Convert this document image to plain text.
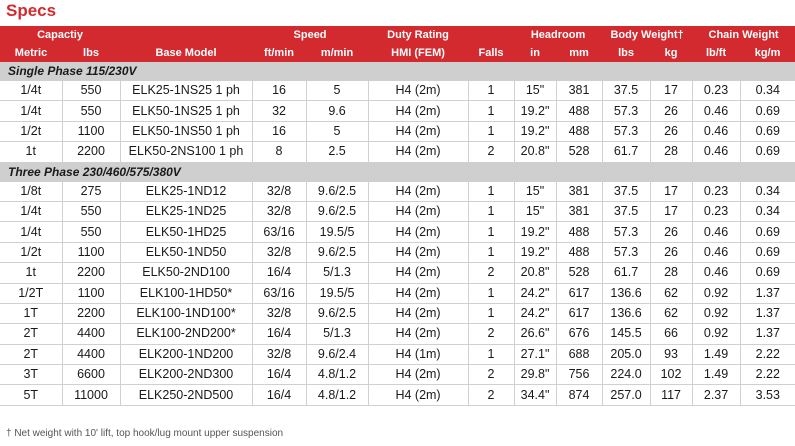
Specs
Capactiy			Speed		Duty Rating		Headroom		Body Weight†		Chain Weight	
Metric	lbs	Base Model	ft/min	m/min	HMI (FEM)	Falls	in	mm	lbs	kg	lb/ft	kg/m
Single Phase 115/230V												
1/4t	550	ELK25-1NS25 1 ph	16	5	H4 (2m)	1	15"	381	37.5	17	0.23	0.34
1/4t	550	ELK50-1NS25 1 ph	32	9.6	H4 (2m)	1	19.2"	488	57.3	26	0.46	0.69
1/2t	1100	ELK50-1NS50 1 ph	16	5	H4 (2m)	1	19.2"	488	57.3	26	0.46	0.69
1t	2200	ELK50-2NS100 1 ph	8	2.5	H4 (2m)	2	20.8"	528	61.7	28	0.46	0.69
Three Phase 230/460/575/380V												
1/8t	275	ELK25-1ND12	32/8	9.6/2.5	H4 (2m)	1	15"	381	37.5	17	0.23	0.34
1/4t	550	ELK25-1ND25	32/8	9.6/2.5	H4 (2m)	1	15"	381	37.5	17	0.23	0.34
1/4t	550	ELK50-1HD25	63/16	19.5/5	H4 (2m)	1	19.2"	488	57.3	26	0.46	0.69
1/2t	1100	ELK50-1ND50	32/8	9.6/2.5	H4 (2m)	1	19.2"	488	57.3	26	0.46	0.69
1t	2200	ELK50-2ND100	16/4	5/1.3	H4 (2m)	2	20.8"	528	61.7	28	0.46	0.69
1/2T	1100	ELK100-1HD50*	63/16	19.5/5	H4 (2m)	1	24.2"	617	136.6	62	0.92	1.37
1T	2200	ELK100-1ND100*	32/8	9.6/2.5	H4 (2m)	1	24.2"	617	136.6	62	0.92	1.37
2T	4400	ELK100-2ND200*	16/4	5/1.3	H4 (2m)	2	26.6"	676	145.5	66	0.92	1.37
2T	4400	ELK200-1ND200	32/8	9.6/2.4	H4 (1m)	1	27.1"	688	205.0	93	1.49	2.22
3T	6600	ELK200-2ND300	16/4	4.8/1.2	H4 (2m)	2	29.8"	756	224.0	102	1.49	2.22
5T	11000	ELK250-2ND500	16/4	4.8/1.2	H4 (2m)	2	34.4"	874	257.0	117	2.37	3.53
† Net weight with 10' lift, top hook/lug mount upper suspension
